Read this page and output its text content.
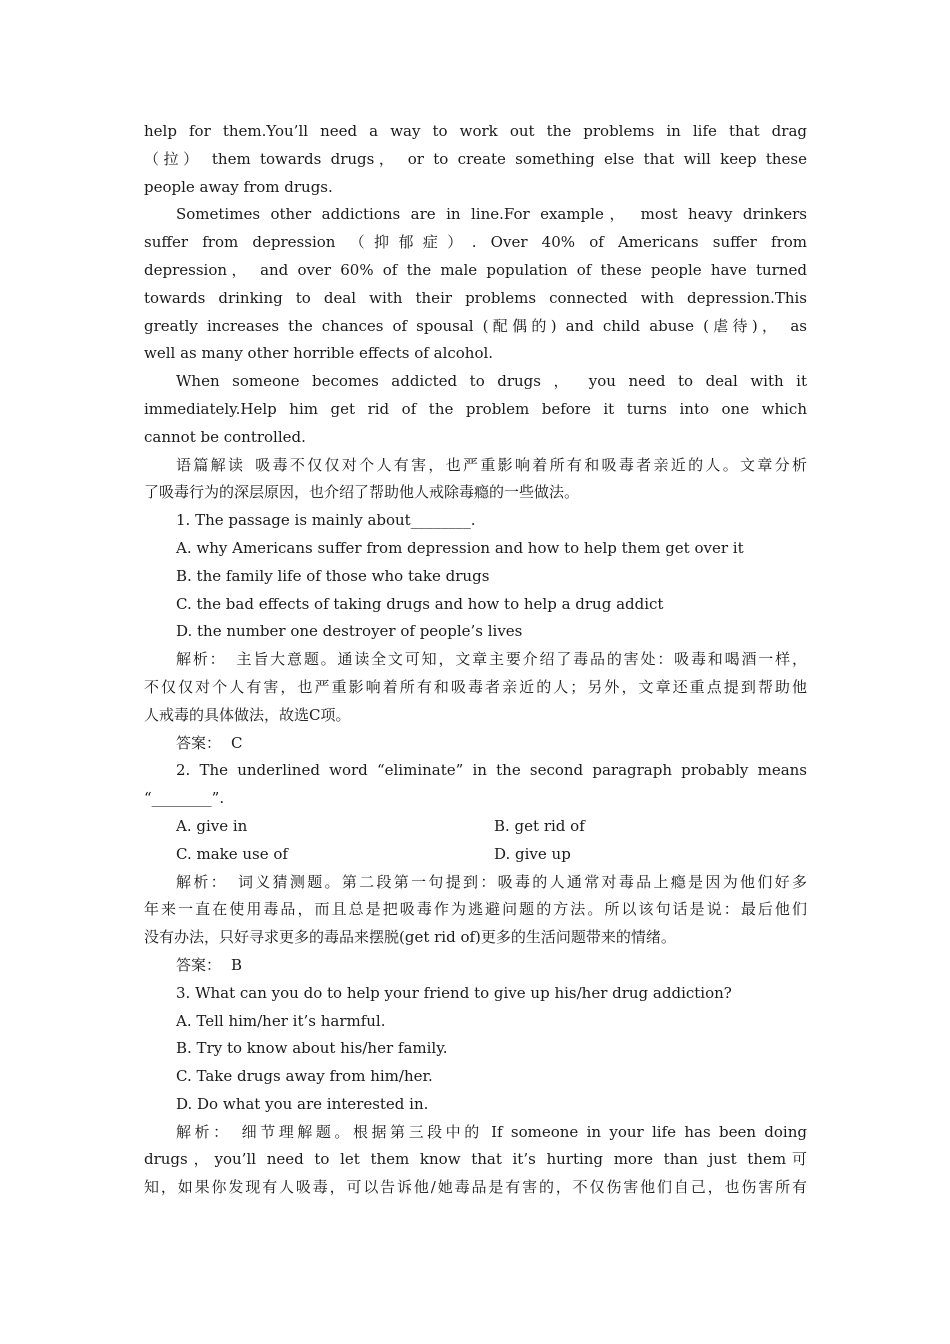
help for them.You’ll need a way to work out the problems in life that drag

（拉） them towards drugs， or to create something else that will keep these

people away from drugs.

Sometimes other addictions are in line.For example， most heavy drinkers

suffer from depression （抑郁症）. Over 40% of Americans suffer from

depression， and over 60% of the male population of these people have turned

towards drinking to deal with their problems connected with depression.This

greatly increases the chances of spousal (配偶的) and child abuse (虐待)， as

well as many other horrible effects of alcohol.

When someone becomes addicted to drugs ， you need to deal with it

immediately.Help him get rid of the problem before it turns into one which

cannot be controlled.

语篇解读 吸毒不仅仅对个人有害，也严重影响着所有和吸毒者亲近的人。文章分析

了吸毒行为的深层原因，也介绍了帮助他人戒除毒瘾的一些做法。

1. The passage is mainly about________.

A. why Americans suffer from depression and how to help them get over it

B. the family life of those who take drugs

C. the bad effects of taking drugs and how to help a drug addict

D. the number one destroyer of people’s lives

解析： 主旨大意题。通读全文可知，文章主要介绍了毒品的害处：吸毒和喝酒一样，

不仅仅对个人有害，也严重影响着所有和吸毒者亲近的人；另外，文章还重点提到帮助他

人戒毒的具体做法，故选C项。

答案： C

2. The underlined word “eliminate” in the second paragraph probably means

“________”.

A. give in	B. get rid of
C. make use of	D. give up

解析： 词义猜测题。第二段第一句提到：吸毒的人通常对毒品上瘾是因为他们好多

年来一直在使用毒品，而且总是把吸毒作为逃避问题的方法。所以该句话是说：最后他们

没有办法，只好寻求更多的毒品来摆脱(get rid of)更多的生活问题带来的情绪。

答案： B

3. What can you do to help your friend to give up his/her drug addiction?

A. Tell him/her it’s harmful.

B. Try to know about his/her family.

C. Take drugs away from him/her.

D. Do what you are interested in.

解析： 细节理解题。根据第三段中的 If someone in your life has been doing

drugs，you’ll need to let them know that it’s hurting more than just them可

知，如果你发现有人吸毒，可以告诉他/她毒品是有害的，不仅伤害他们自己，也伤害所有
